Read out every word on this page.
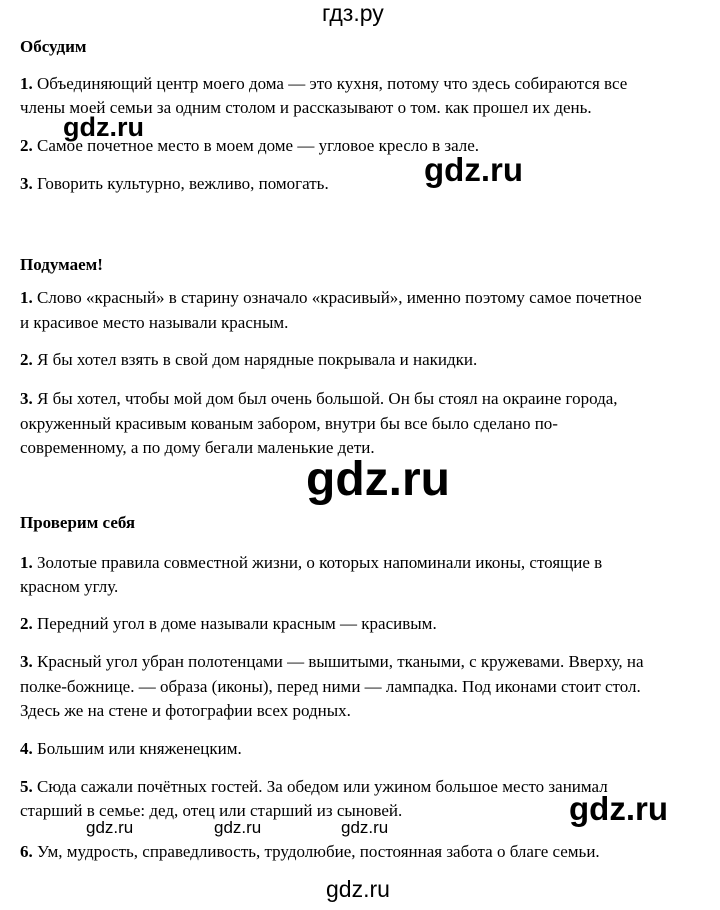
гдз.ру
Обсудим
1. Объединяющий центр моего дома — это кухня, потому что здесь собираются все
члены моей семьи за одним столом и рассказывают о том. как прошел их день.
2. Самое почетное место в моем доме — угловое кресло в зале.
3. Говорить культурно, вежливо, помогать.
Подумаем!
1. Слово «красный» в старину означало «красивый», именно поэтому самое почетное
и красивое место называли красным.
2. Я бы хотел взять в свой дом нарядные покрывала и накидки.
3. Я бы хотел, чтобы мой дом был очень большой. Он бы стоял на окраине города,
окруженный красивым кованым забором, внутри бы все было сделано по-
современному, а по дому бегали маленькие дети.
Проверим себя
1. Золотые правила совместной жизни, о которых напоминали иконы, стоящие в
красном углу.
2. Передний угол в доме называли красным — красивым.
3. Красный угол убран полотенцами — вышитыми, ткаными, с кружевами. Вверху, на
полке-божнице. — образа (иконы), перед ними — лампадка. Под иконами стоит стол.
Здесь же на стене и фотографии всех родных.
4. Большим или княженецким.
5. Сюда сажали почётных гостей. За обедом или ужином большое место занимал
старший в семье: дед, отец или старший из сыновей.
6. Ум, мудрость, справедливость, трудолюбие, постоянная забота о благе семьи.
gdz.ru
gdz.ru
gdz.ru
gdz.ru
gdz.ru	gdz.ru	gdz.ru
gdz.ru
